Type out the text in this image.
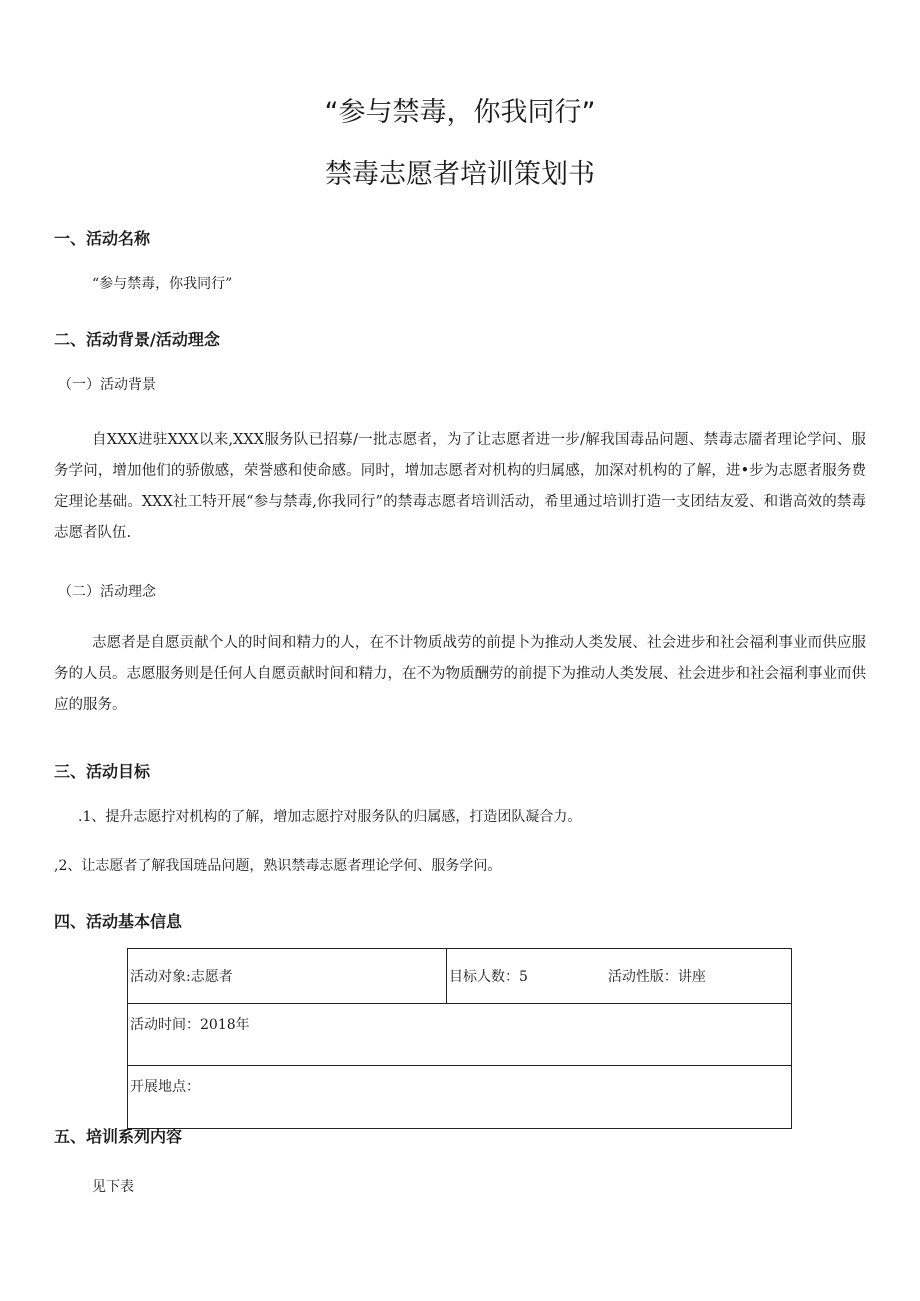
“参与禁毒，你我同行”
禁毒志愿者培训策划书
一、活动名称
“参与禁毒，你我同行”
二、活动背景/活动理念
（一）活动背景
自XXX进驻XXX以来,XXX服务队已招募/一批志愿者，为了让志愿者进一步/解我国毒品问题、禁毒志靥者理论学问、服务学问，增加他们的骄傲感，荣誉感和使命感。同时，增加志愿者对机构的归属感，加深对机构的了解，进•步为志愿者服务费定理论基础。XXX社工特开展“参与禁毒,你我同行”的禁毒志愿者培训活动，希里通过培训打造一支团结友爱、和谐高效的禁毒志愿者队伍.
（二）活动理念
志愿者是自愿贡献个人的时间和精力的人，在不计物质战劳的前提卜为推动人类发展、社会进步和社会福利事业而供应服务的人员。志愿服务则是任何人自愿贡献时间和精力，在不为物质酬劳的前提下为推动人类发展、社会进步和社会福利事业而供应的服务。
三、活动目标
.1、提升志愿拧对机构的了解，增加志愿拧对服务队的归属感，打造团队凝合力。
,2、让志愿者了解我国琏品问题，熟识禁毒志愿者理论学何、服务学问。
四、活动基本信息
活动对象:志愿者	目标人数：5	活动性版：讲座
活动时间：2018年
开展地点：
五、培训系列内容
见下表
